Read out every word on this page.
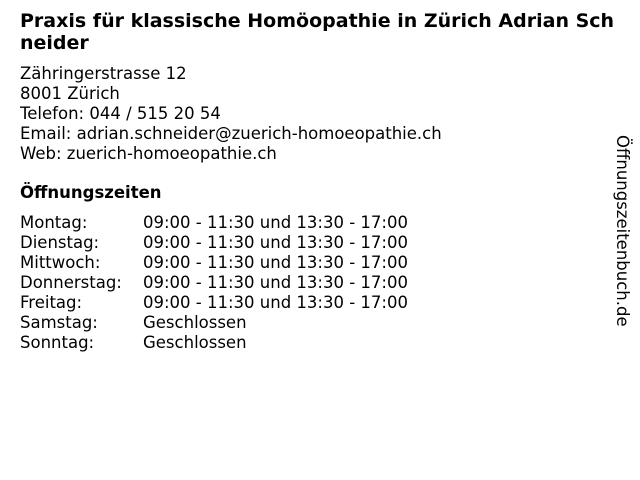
Praxis für klassische Homöopathie in Zürich Adrian Schneider
Zähringerstrasse 12
8001 Zürich
Telefon: 044 / 515 20 54
Email: adrian.schneider@zuerich-homoeopathie.ch
Web: zuerich-homoeopathie.ch
Öffnungszeiten
Montag:	09:00 - 11:30 und 13:30 - 17:00
Dienstag:	09:00 - 11:30 und 13:30 - 17:00
Mittwoch:	09:00 - 11:30 und 13:30 - 17:00
Donnerstag:	09:00 - 11:30 und 13:30 - 17:00
Freitag:	09:00 - 11:30 und 13:30 - 17:00
Samstag:	Geschlossen
Sonntag:	Geschlossen
Öffnungszeitenbuch.de
